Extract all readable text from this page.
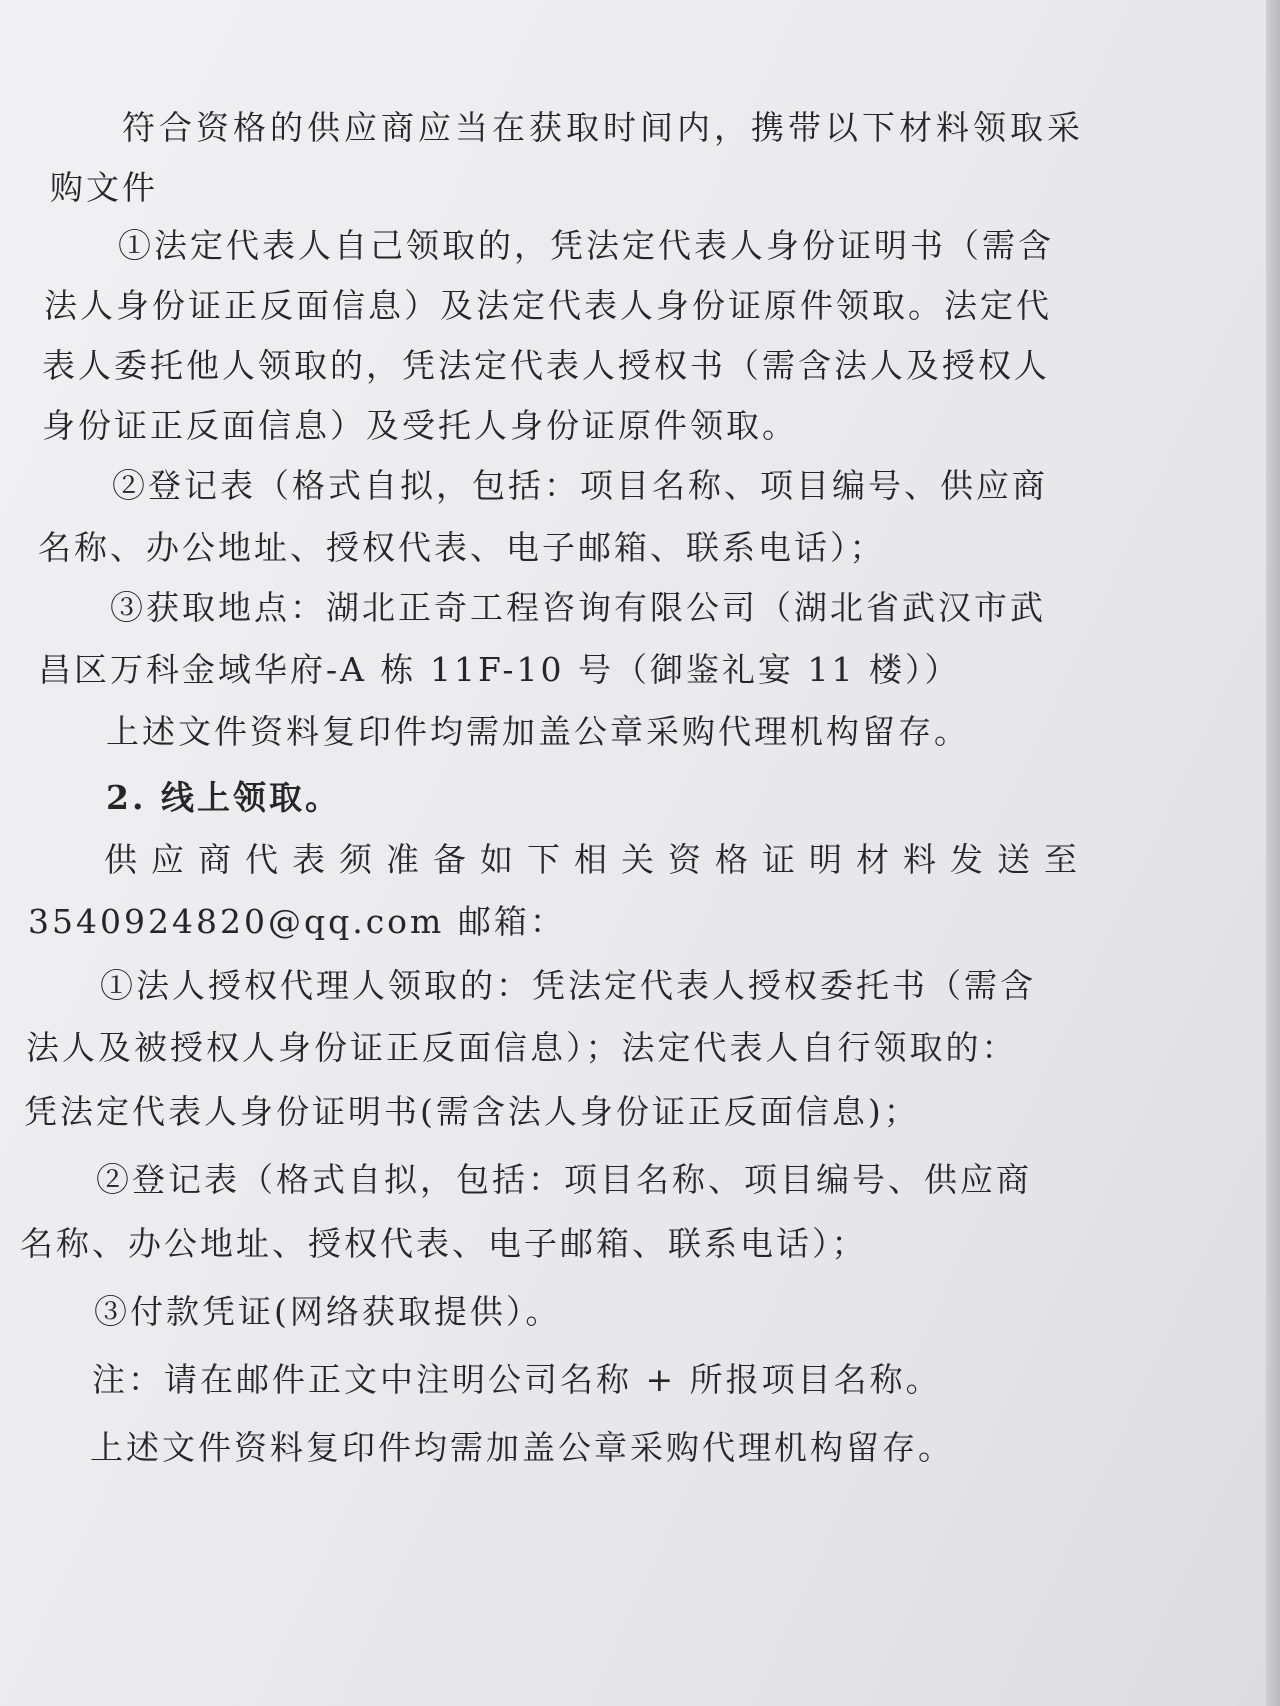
符合资格的供应商应当在获取时间内，携带以下材料领取采

购文件

①法定代表人自己领取的，凭法定代表人身份证明书（需含

法人身份证正反面信息）及法定代表人身份证原件领取。法定代

表人委托他人领取的，凭法定代表人授权书（需含法人及授权人

身份证正反面信息）及受托人身份证原件领取。

②登记表（格式自拟，包括：项目名称、项目编号、供应商

名称、办公地址、授权代表、电子邮箱、联系电话）；

③获取地点：湖北正奇工程咨询有限公司（湖北省武汉市武

昌区万科金域华府-A 栋 11F-10 号（御鉴礼宴 11 楼））

上述文件资料复印件均需加盖公章采购代理机构留存。

2. 线上领取。

供应商代表须准备如下相关资格证明材料发送至

3540924820@qq.com 邮箱：

①法人授权代理人领取的：凭法定代表人授权委托书（需含

法人及被授权人身份证正反面信息）；法定代表人自行领取的：

凭法定代表人身份证明书(需含法人身份证正反面信息)；

②登记表（格式自拟，包括：项目名称、项目编号、供应商

名称、办公地址、授权代表、电子邮箱、联系电话）；

③付款凭证(网络获取提供）。

注：请在邮件正文中注明公司名称 + 所报项目名称。

上述文件资料复印件均需加盖公章采购代理机构留存。
